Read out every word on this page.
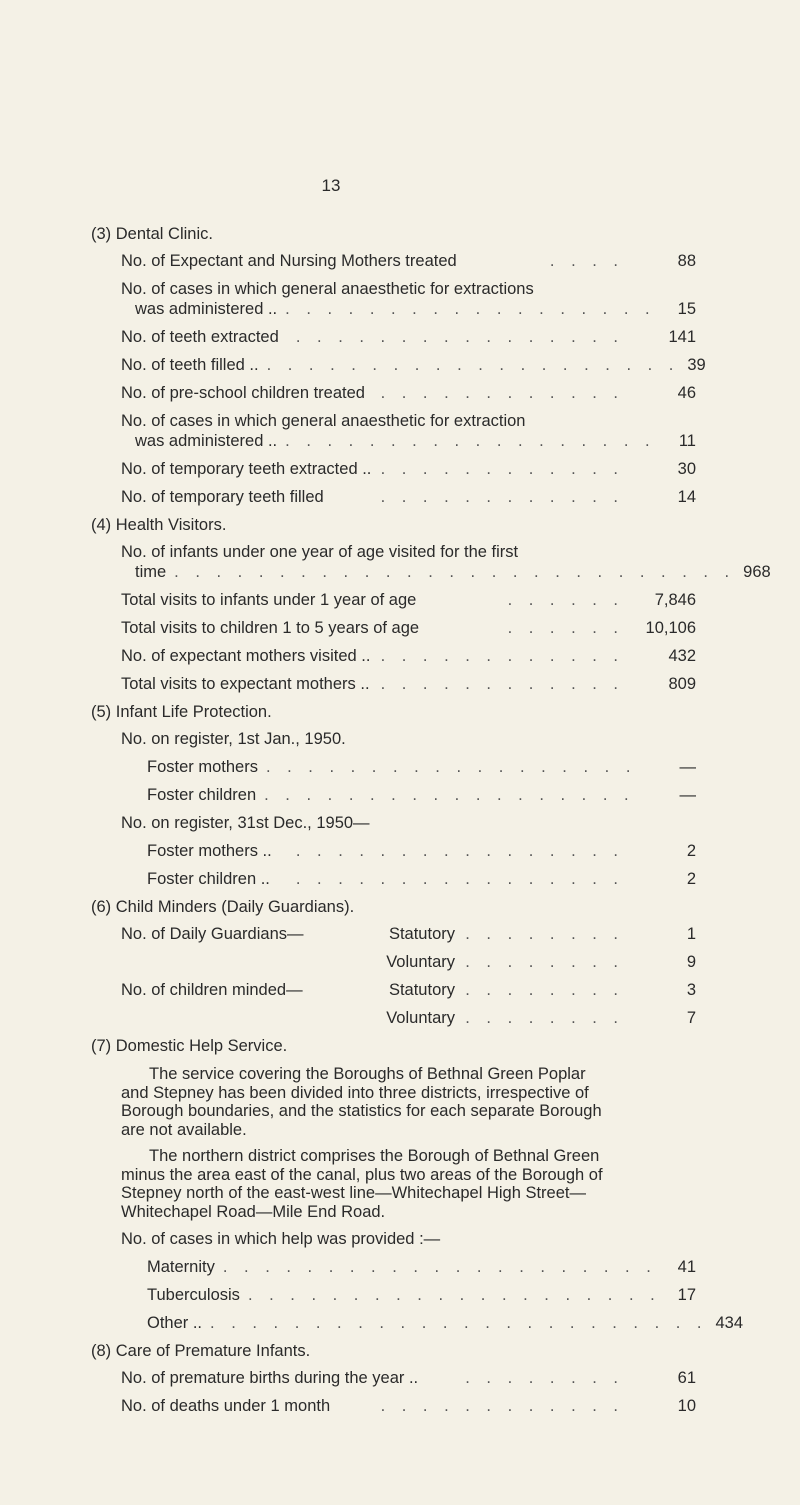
13
(3) Dental Clinic.
No. of Expectant and Nursing Mothers treated	. . . .	88
No. of cases in which general anaesthetic for extractions
was administered .. . . . . . . . . . . . . . . . . . .	15
No. of teeth extracted	. . . . . . . . . . . . . . . .	141
No. of teeth filled .. . . . . . . . . . . . . . . . . . . . . 39
No. of pre-school children treated . . . . . . . . . . . .	46
No. of cases in which general anaesthetic for extraction
was administered .. . . . . . . . . . . . . . . . . . .	11
No. of temporary teeth extracted .. . . . . . . . . . . . .	30
No. of temporary teeth filled	. . . . . . . . . . . .	14
(4) Health Visitors.
No. of infants under one year of age visited for the first
time . . . . . . . . . . . . . . . . . . . . . . . . . . . 968
Total visits to infants under 1 year of age	. . . . . .	7,846
Total visits to children 1 to 5 years of age	. . . . . .	10,106
No. of expectant mothers visited .. . . . . . . . . . . . .	432
Total visits to expectant mothers .. . . . . . . . . . . . .	809
(5) Infant Life Protection.
No. on register, 1st Jan., 1950.
Foster mothers . . . . . . . . . . . . . . . . . .	—
Foster children . . . . . . . . . . . . . . . . . .	—
No. on register, 31st Dec., 1950—
Foster mothers ..	. . . . . . . . . . . . . . . .	2
Foster children ..	. . . . . . . . . . . . . . . .	2
(6) Child Minders (Daily Guardians).
No. of Daily Guardians—	Statutory . . . . . . . .	1
Voluntary . . . . . . . .	9
No. of children minded—	Statutory . . . . . . . .	3
Voluntary . . . . . . . .	7
(7) Domestic Help Service.

The service covering the Boroughs of Bethnal Green Poplar and Stepney has been divided into three districts, irrespective of Borough boundaries, and the statistics for each separate Borough are not available.

The northern district comprises the Borough of Bethnal Green minus the area east of the canal, plus two areas of the Borough of Stepney north of the east-west line—Whitechapel High Street—Whitechapel Road—Mile End Road.

No. of cases in which help was provided :—
Maternity . . . . . . . . . . . . . . . . . . . . .	41
Tuberculosis . . . . . . . . . . . . . . . . . . . .	17
Other .. . . . . . . . . . . . . . . . . . . . . . . . . 434
(8) Care of Premature Infants.
No. of premature births during the year ..	. . . . . . . .	61
No. of deaths under 1 month	. . . . . . . . . . . .	10
